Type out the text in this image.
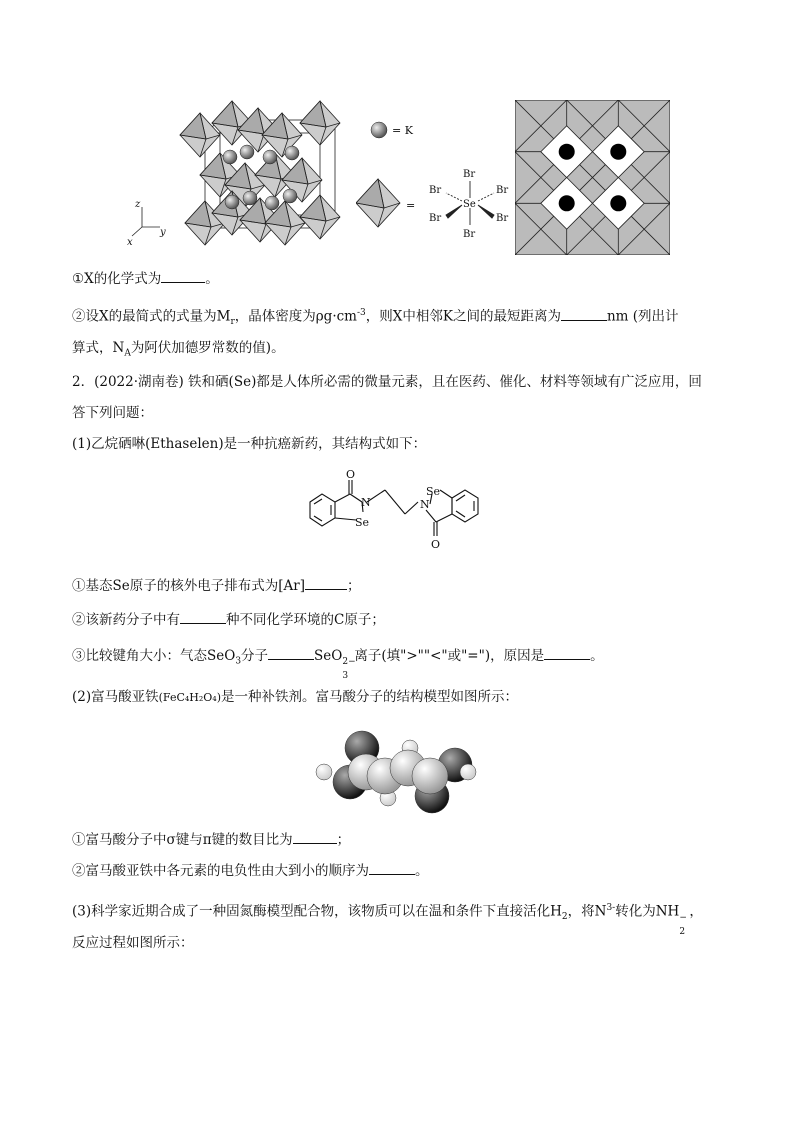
z
y
x
= K
=	Se
Br
Br
Br	Br
Br	Br
①X的化学式为	。
②设X的最简式的式量为$M_r$，晶体密度为$\rho g\cdot cm^{-3}$，则X中相邻K之间的最短距离为	nm (列出计
算式，$N_A$为阿伏加德罗常数的值)。
2．(2022·湖南卷) 铁和硒(Se)都是人体所必需的微量元素，且在医药、催化、材料等领域有广泛应用，回
答下列问题：
(1)乙烷硒啉(Ethaselen)是一种抗癌新药，其结构式如下：
O
N
Se
N
Se
O
①基态Se原子的核外电子排布式为[Ar]	；
②该新药分子中有	种不同化学环境的C原子；
③比较键角大小：气态SeO$_3$分子	SeO 2−
3
离子(填">""<"或"=")，原因是	。
(2)富马酸亚铁(FeC₄H₂O₄)是一种补铁剂。富马酸分子的结构模型如图所示：
①富马酸分子中σ键与π键的数目比为	；
②富马酸亚铁中各元素的电负性由大到小的顺序为	。
(3)科学家近期合成了一种固氮酶模型配合物，该物质可以在温和条件下直接活化$H_2$，将$N^{3-}$转化为NH −
2
，
反应过程如图所示：
